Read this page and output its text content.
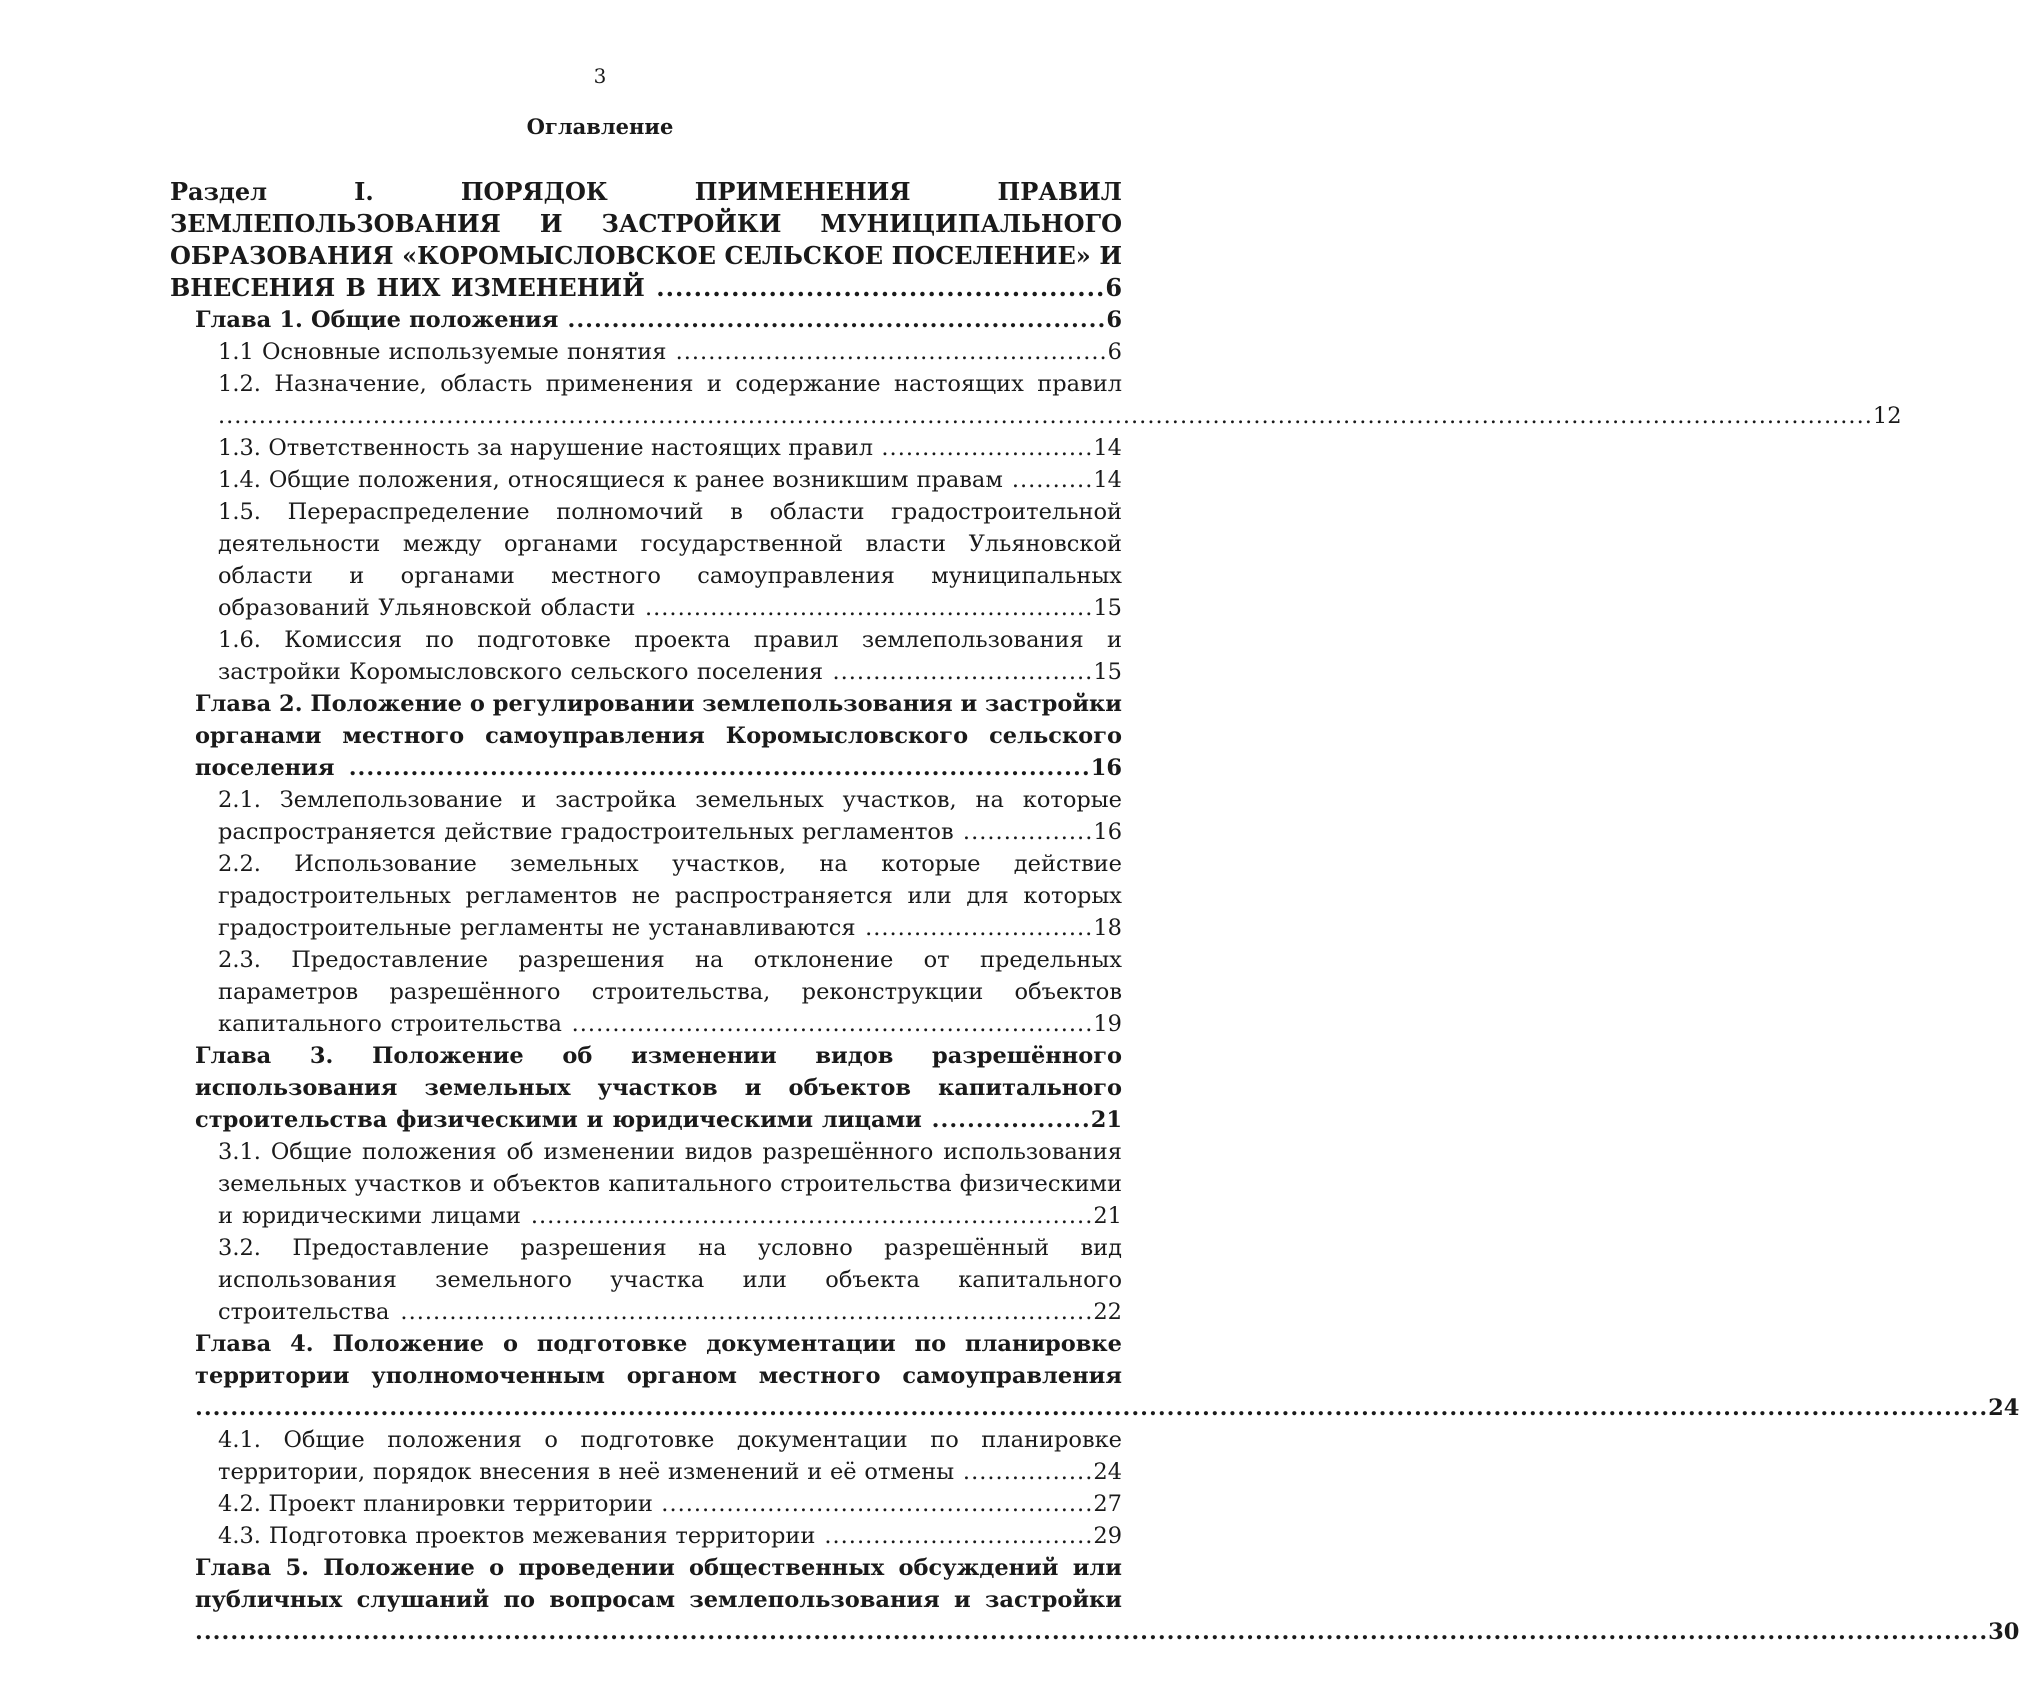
3
Оглавление
Раздел I. ПОРЯДОК ПРИМЕНЕНИЯ ПРАВИЛ ЗЕМЛЕПОЛЬЗОВАНИЯ И ЗАСТРОЙКИ МУНИЦИПАЛЬНОГО ОБРАЗОВАНИЯ «КОРОМЫСЛОВСКОЕ СЕЛЬСКОЕ ПОСЕЛЕНИЕ» И ВНЕСЕНИЯ В НИХ ИЗМЕНЕНИЙ ................................................6
Глава 1. Общие положения .............................................................6
1.1 Основные используемые понятия .....................................................6
1.2. Назначение, область применения и содержание настоящих правил ...........................................................................................................................................................................................................12
1.3. Ответственность за нарушение настоящих правил ..........................14
1.4. Общие положения, относящиеся к ранее возникшим правам ..........14
1.5. Перераспределение полномочий в области градостроительной деятельности между органами государственной власти Ульяновской области и органами местного самоуправления муниципальных образований Ульяновской области .......................................................15
1.6. Комиссия по подготовке проекта правил землепользования и застройки Коромысловского сельского поселения ................................15
Глава 2. Положение о регулировании землепользования и застройки органами местного самоуправления Коромысловского сельского поселения ....................................................................................16
2.1. Землепользование и застройка земельных участков, на которые распространяется действие градостроительных регламентов ................16
2.2. Использование земельных участков, на которые действие градостроительных регламентов не распространяется или для которых градостроительные регламенты не устанавливаются ............................18
2.3. Предоставление разрешения на отклонение от предельных параметров разрешённого строительства, реконструкции объектов капитального строительства ................................................................19
Глава 3. Положение об изменении видов разрешённого использования земельных участков и объектов капитального строительства физическими и юридическими лицами ..................21
3.1. Общие положения об изменении видов разрешённого использования земельных участков и объектов капитального строительства физическими и юридическими лицами .....................................................................21
3.2. Предоставление разрешения на условно разрешённый вид использования земельного участка или объекта капитального строительства .....................................................................................22
Глава 4. Положение о подготовке документации по планировке территории уполномоченным органом местного самоуправления ...........................................................................................................................................................................................................24
4.1. Общие положения о подготовке документации по планировке территории, порядок внесения в неё изменений и её отмены ................24
4.2. Проект планировки территории .....................................................27
4.3. Подготовка проектов межевания территории .................................29
Глава 5. Положение о проведении общественных обсуждений или публичных слушаний по вопросам землепользования и застройки ...........................................................................................................................................................................................................30
